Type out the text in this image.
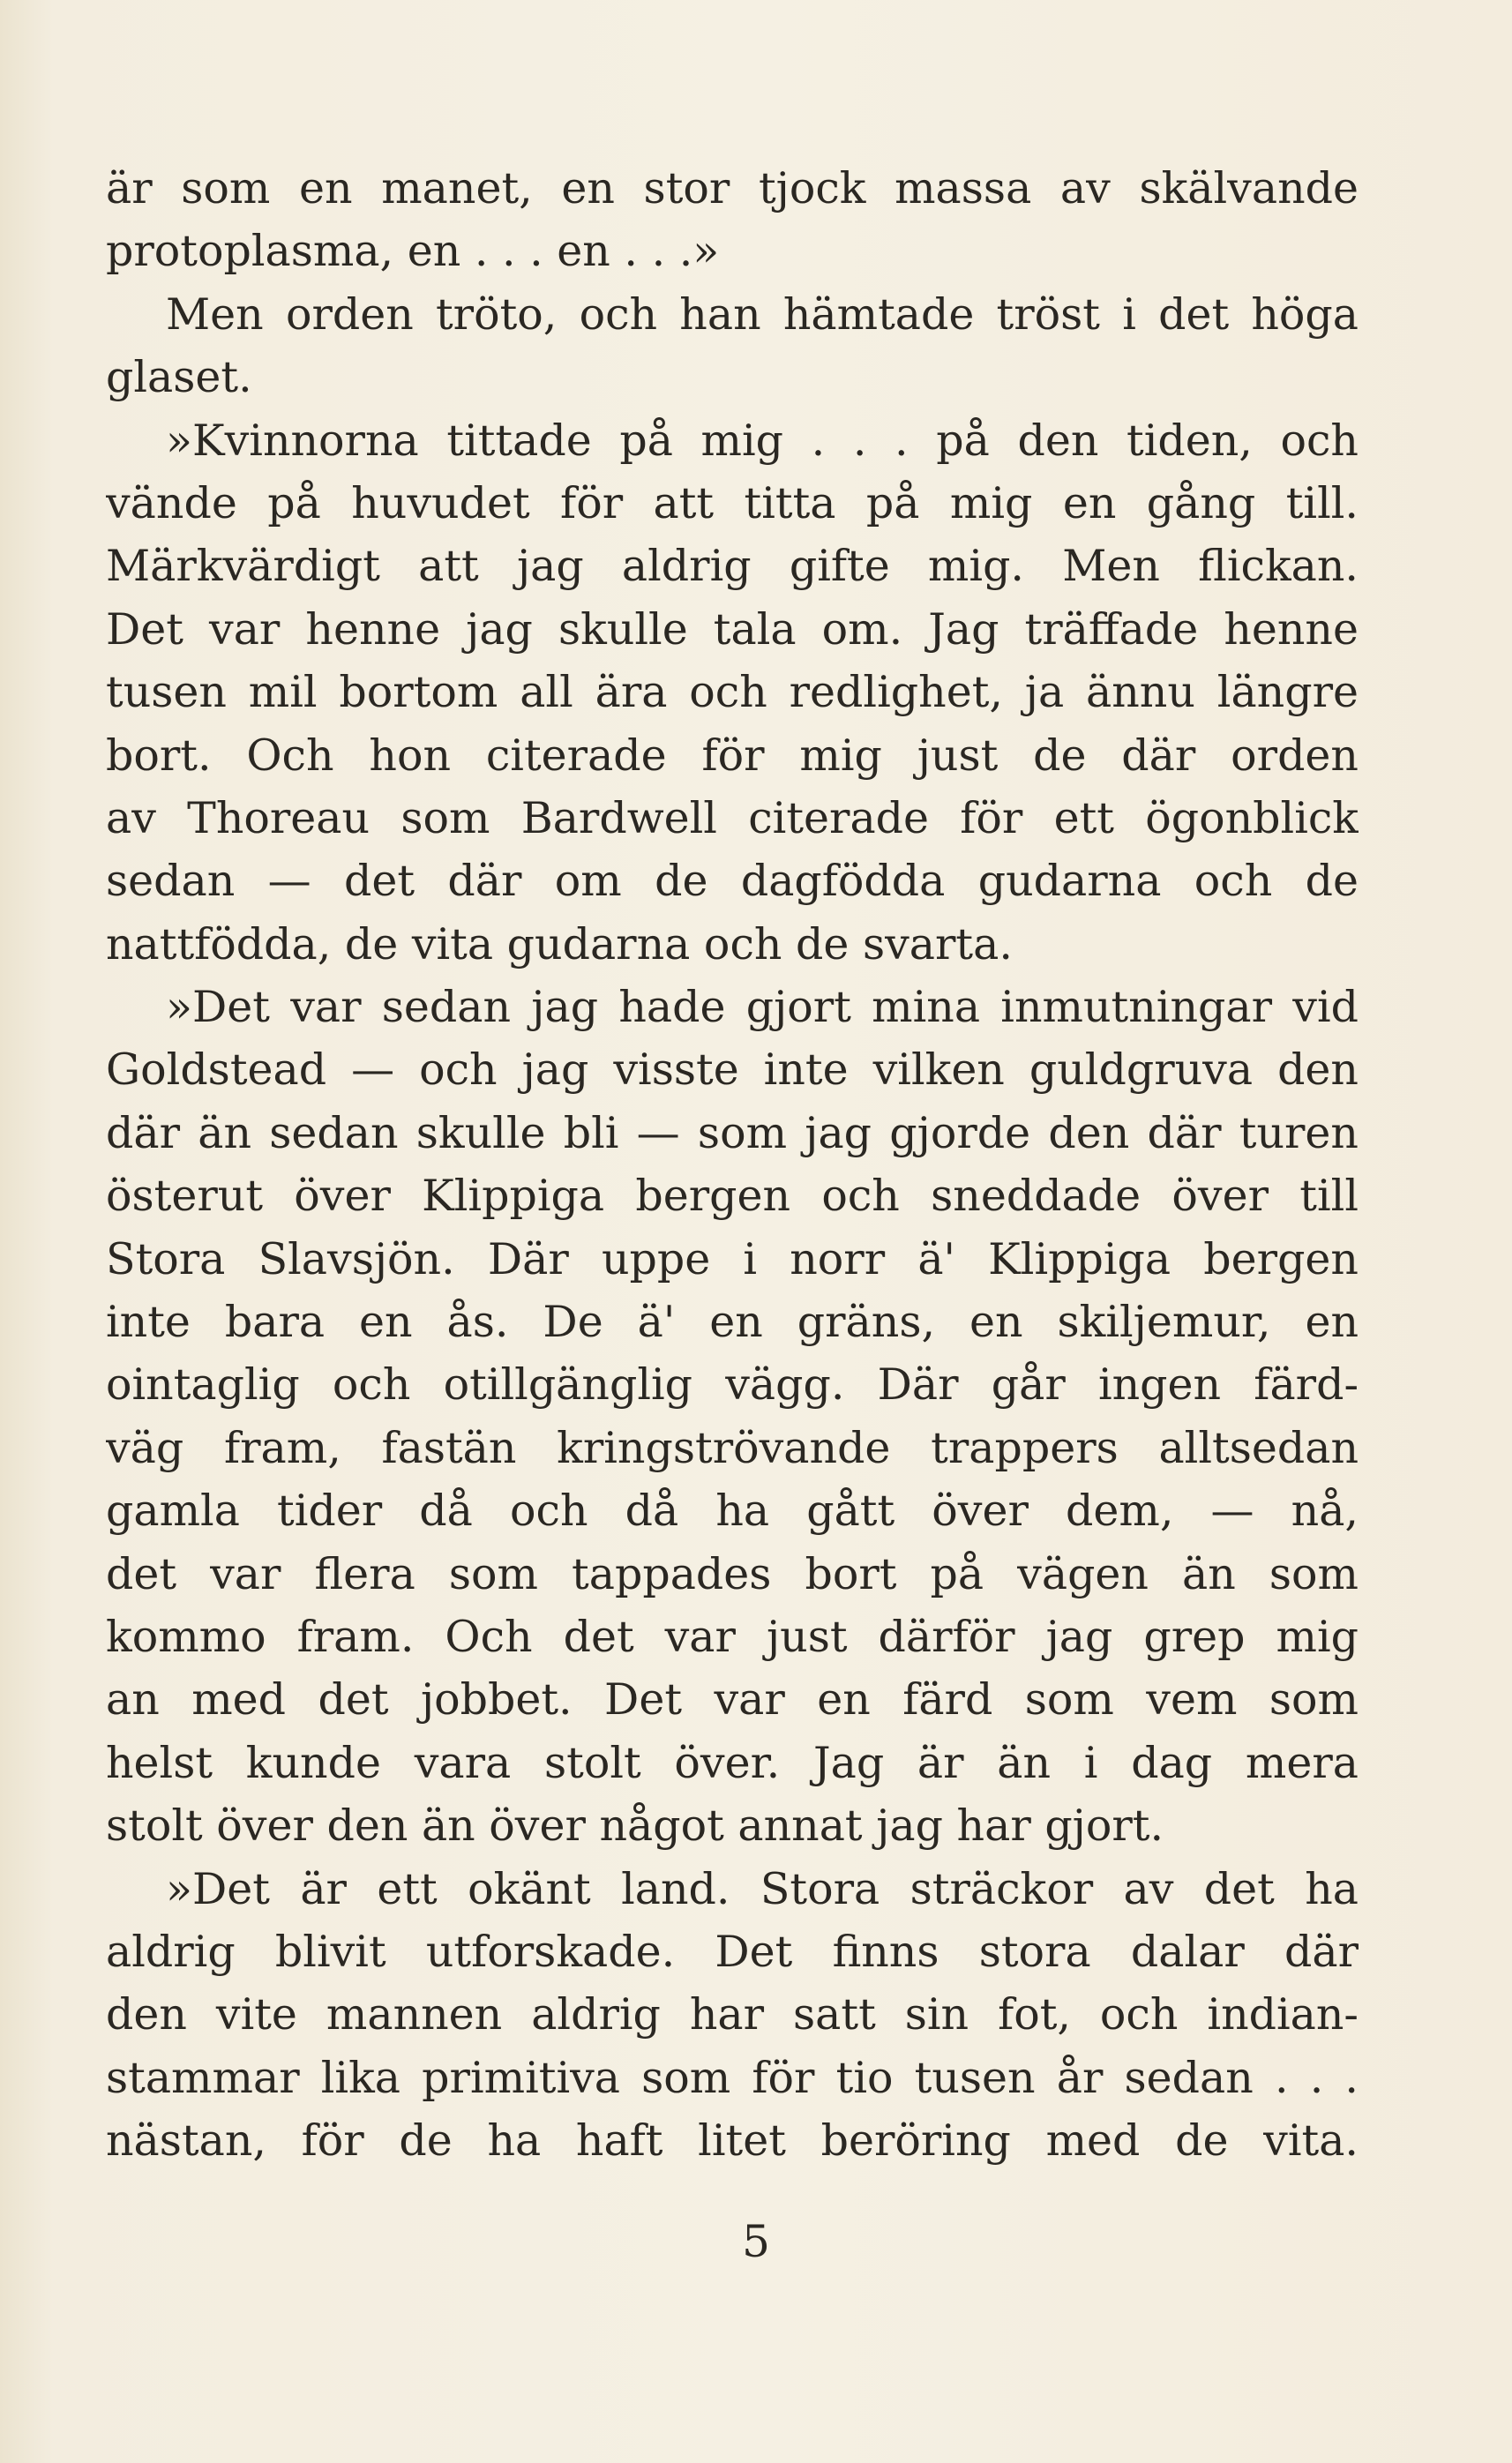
är som en manet, en stor tjock massa av skälvande
protoplasma, en . . . en . . .»
Men orden tröto, och han hämtade tröst i det höga
glaset.
»Kvinnorna tittade på mig . . . på den tiden, och
vände på huvudet för att titta på mig en gång till.
Märkvärdigt att jag aldrig gifte mig. Men flickan.
Det var henne jag skulle tala om. Jag träffade henne
tusen mil bortom all ära och redlighet, ja ännu längre
bort. Och hon citerade för mig just de där orden
av Thoreau som Bardwell citerade för ett ögonblick
sedan — det där om de dagfödda gudarna och de
nattfödda, de vita gudarna och de svarta.
»Det var sedan jag hade gjort mina inmutningar vid
Goldstead — och jag visste inte vilken guldgruva den
där än sedan skulle bli — som jag gjorde den där turen
österut över Klippiga bergen och sneddade över till
Stora Slavsjön. Där uppe i norr ä' Klippiga bergen
inte bara en ås. De ä' en gräns, en skiljemur, en
ointaglig och otillgänglig vägg. Där går ingen färd-
väg fram, fastän kringströvande trappers alltsedan
gamla tider då och då ha gått över dem, — nå,
det var flera som tappades bort på vägen än som
kommo fram. Och det var just därför jag grep mig
an med det jobbet. Det var en färd som vem som
helst kunde vara stolt över. Jag är än i dag mera
stolt över den än över något annat jag har gjort.
»Det är ett okänt land. Stora sträckor av det ha
aldrig blivit utforskade. Det finns stora dalar där
den vite mannen aldrig har satt sin fot, och indian-
stammar lika primitiva som för tio tusen år sedan . . .
nästan, för de ha haft litet beröring med de vita.
5
